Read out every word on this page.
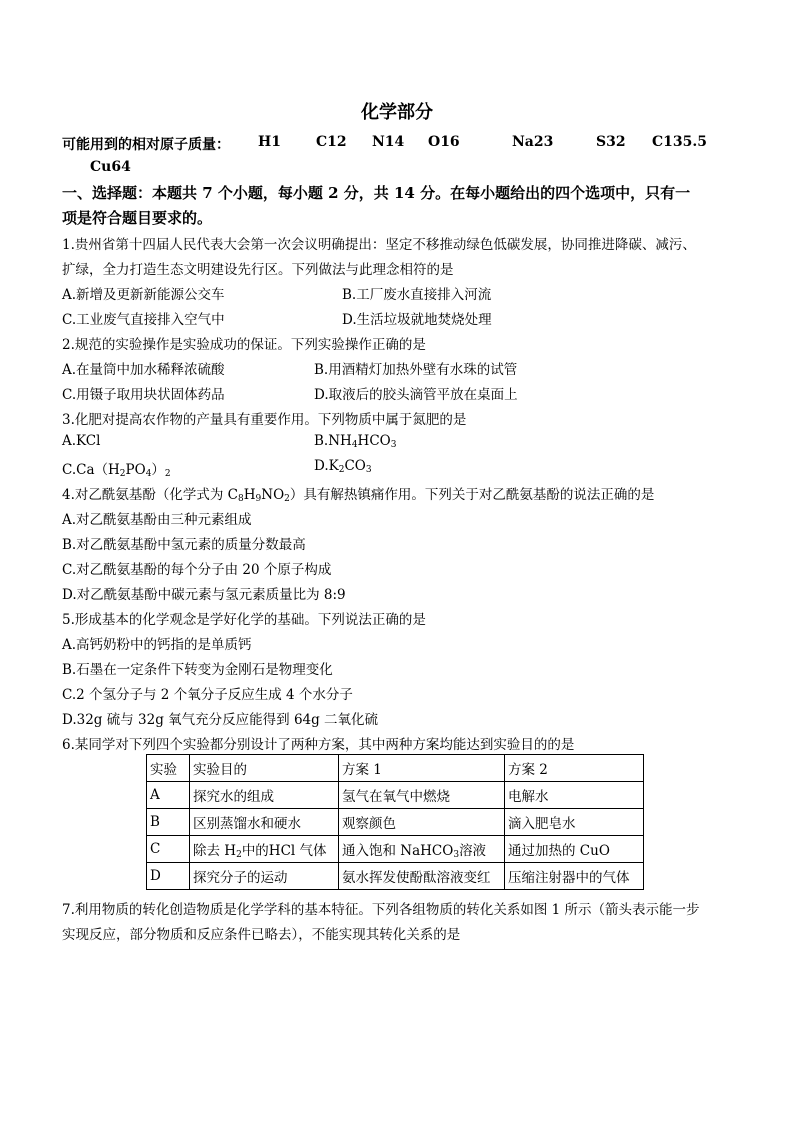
化学部分
可能用到的相对原子质量： H1	C12 N14 O16	Na23	S32 C135.5
Cu64
一、选择题：本题共 7 个小题，每小题 2 分，共 14 分。在每小题给出的四个选项中，只有一
项是符合题目要求的。
1.贵州省第十四届人民代表大会第一次会议明确提出：坚定不移推动绿色低碳发展，协同推进降碳、减污、
扩绿，全力打造生态文明建设先行区。下列做法与此理念相符的是
A.新增及更新新能源公交车	B.工厂废水直接排入河流
C.工业废气直接排入空气中	D.生活垃圾就地焚烧处理
2.规范的实验操作是实验成功的保证。下列实验操作正确的是
A.在量筒中加水稀释浓硫酸	B.用酒精灯加热外壁有水珠的试管
C.用镊子取用块状固体药品	D.取液后的胶头滴管平放在桌面上
3.化肥对提高农作物的产量具有重要作用。下列物质中属于氮肥的是
A.KCl	$B.NH_4HCO_3$
$C.Ca(H_2PO_4)_2$	$D.K_2CO_3$
4.对乙酰氨基酚（化学式为 $C_8H_9NO_2$）具有解热镇痛作用。下列关于对乙酰氨基酚的说法正确的是
A.对乙酰氨基酚由三种元素组成
B.对乙酰氨基酚中氢元素的质量分数最高
C.对乙酰氨基酚的每个分子由 20 个原子构成
D.对乙酰氨基酚中碳元素与氢元素质量比为 8:9
5.形成基本的化学观念是学好化学的基础。下列说法正确的是
A.高钙奶粉中的钙指的是单质钙
B.石墨在一定条件下转变为金刚石是物理变化
C.2 个氢分子与 2 个氧分子反应生成 4 个水分子
D.32g 硫与 32g 氧气充分反应能得到 64g 二氧化硫
6.某同学对下列四个实验都分别设计了两种方案，其中两种方案均能达到实验目的的是
实验	实验目的	方案 1	方案 2
A	探究水的组成	氢气在氧气中燃烧	电解水
B	区别蒸馏水和硬水	观察颜色	滴入肥皂水
C	除去 $H_2$中的HCl 气体	通入饱和 NaHCO$_3$溶液	通过加热的 CuO
D	探究分子的运动	氨水挥发使酚酞溶液变红	压缩注射器中的气体
7.利用物质的转化创造物质是化学学科的基本特征。下列各组物质的转化关系如图 1 所示（箭头表示能一步
实现反应，部分物质和反应条件已略去），不能实现其转化关系的是
